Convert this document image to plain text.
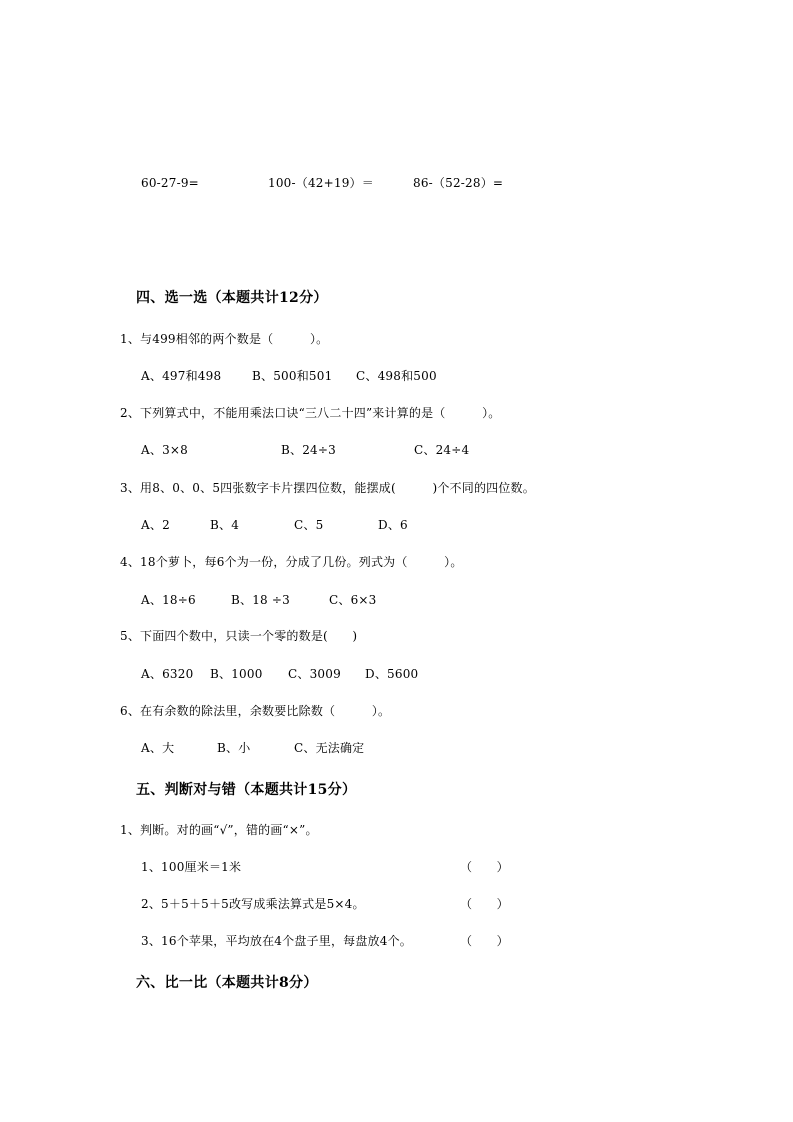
60-27-9=	100-（42+19）＝	86-（52-28）=
四、选一选（本题共计12分）
1、与499相邻的两个数是（　　　）。
A、497和498	B、500和501 C、498和500
2、下列算式中，不能用乘法口诀“三八二十四”来计算的是（　　　）。
A、3×8	B、24÷3	C、24÷4
3、用8、0、0、5四张数字卡片摆四位数，能摆成(　　　)个不同的四位数。
A、2	B、4	C、5	D、6
4、18个萝卜，每6个为一份，分成了几份。列式为（　　　）。
A、18÷6	B、18 ÷3	C、6×3
5、下面四个数中，只读一个零的数是(　　)
A、6320 B、1000 C、3009 D、5600
6、在有余数的除法里，余数要比除数（　　　）。
A、大	B、小	C、无法确定
五、判断对与错（本题共计15分）
1、判断。对的画“√”，错的画“×”。
1、100厘米＝1米	（　　）
2、5＋5＋5＋5改写成乘法算式是5×4。	（　　）
3、16个苹果，平均放在4个盘子里，每盘放4个。	（　　）
六、比一比（本题共计8分）
